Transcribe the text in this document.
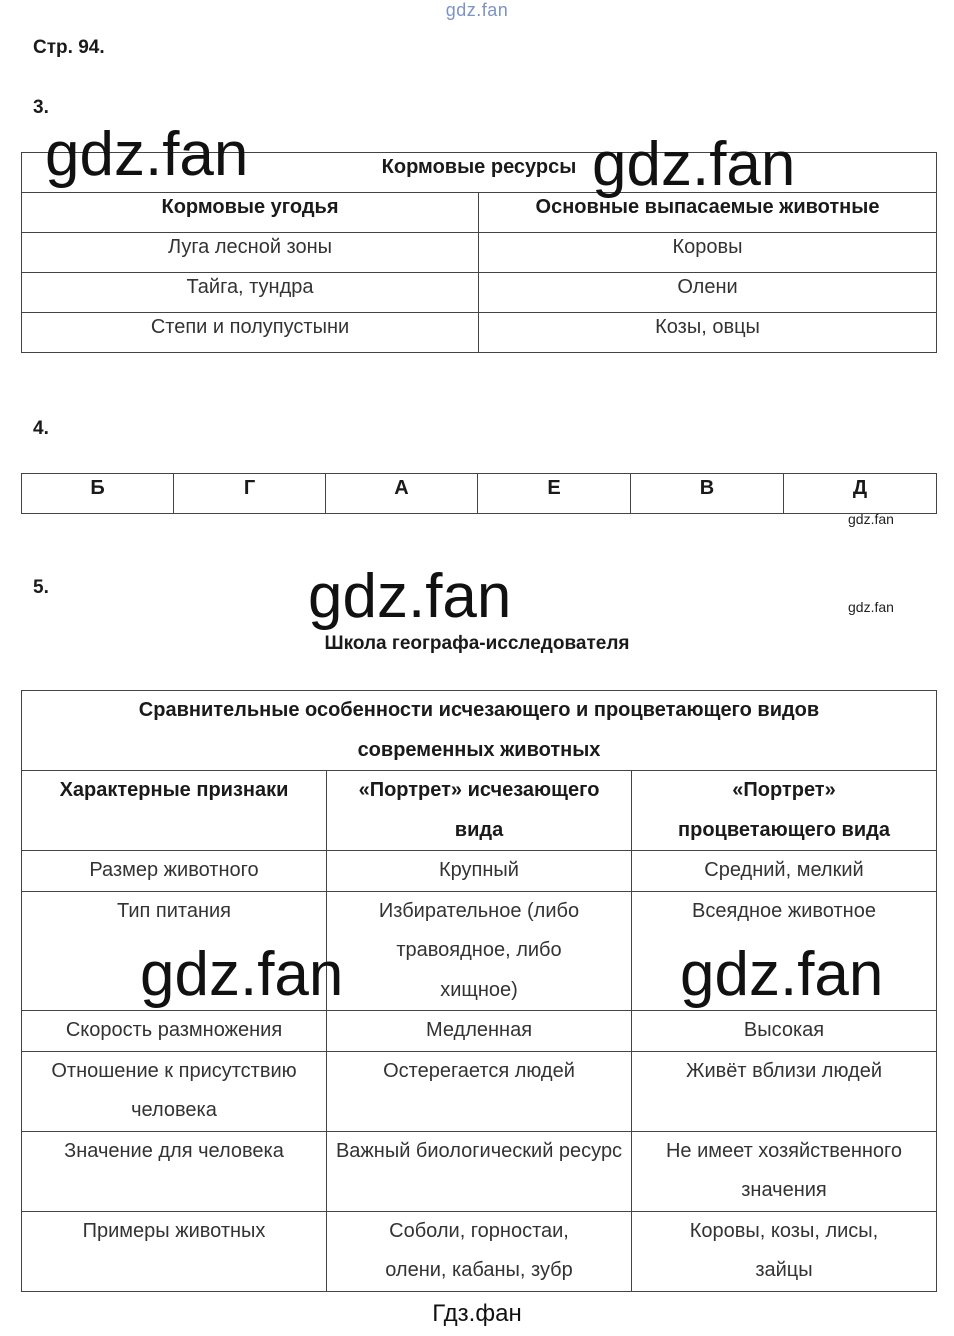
gdz.fan
Стр. 94.
3.
Кормовые ресурсы	
Кормовые угодья	Основные выпасаемые животные
Луга лесной зоны	Коровы
Тайга, тундра	Олени
Степи и полупустыни	Козы, овцы
gdz.fan	gdz.fan
4.
Б	Г	А	Е	В	Д
gdz.fan
5.	gdz.fan	gdz.fan
Школа географа-исследователя
Сравнительные особенности исчезающего и процветающего видов современных животных		
Характерные признаки	«Портрет» исчезающего вида	«Портрет» процветающего вида
Размер животного	Крупный	Средний, мелкий
Тип питания	Избирательное (либо травоядное, либо хищное)	Всеядное животное
Скорость размножения	Медленная	Высокая
Отношение к присутствию человека	Остерегается людей	Живёт вблизи людей
Значение для человека	Важный биологический ресурс	Не имеет хозяйственного значения
Примеры животных	Соболи, горностаи, олени, кабаны, зубр	Коровы, козы, лисы, зайцы
gdz.fan	gdz.fan
Гдз.фан
